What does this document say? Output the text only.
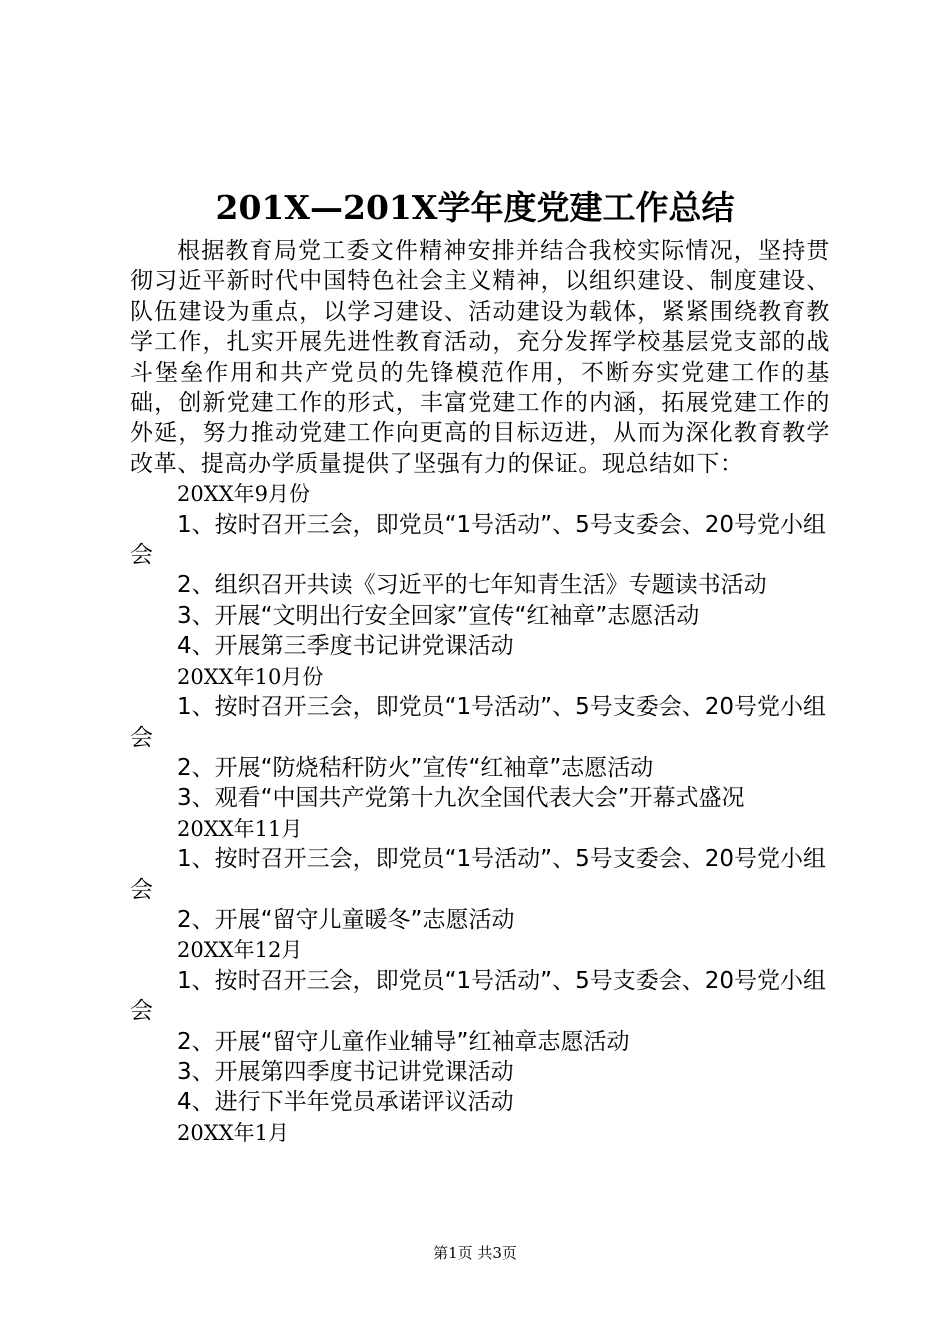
201X—201X学年度党建工作总结

根据教育局党工委文件精神安排并结合我校实际情况，坚持贯彻习近平新时代中国特色社会主义精神，以组织建设、制度建设、队伍建设为重点，以学习建设、活动建设为载体，紧紧围绕教育教学工作，扎实开展先进性教育活动，充分发挥学校基层党支部的战斗堡垒作用和共产党员的先锋模范作用，不断夯实党建工作的基础，创新党建工作的形式，丰富党建工作的内涵，拓展党建工作的外延，努力推动党建工作向更高的目标迈进，从而为深化教育教学改革、提高办学质量提供了坚强有力的保证。现总结如下：

20XX年9月份

1、按时召开三会，即党员“1号活动”、5号支委会、20号党小组会

2、组织召开共读《习近平的七年知青生活》专题读书活动

3、开展“文明出行安全回家”宣传“红袖章”志愿活动

4、开展第三季度书记讲党课活动

20XX年10月份

1、按时召开三会，即党员“1号活动”、5号支委会、20号党小组会

2、开展“防烧秸秆防火”宣传“红袖章”志愿活动

3、观看“中国共产党第十九次全国代表大会”开幕式盛况

20XX年11月

1、按时召开三会，即党员“1号活动”、5号支委会、20号党小组会

2、开展“留守儿童暖冬”志愿活动

20XX年12月

1、按时召开三会，即党员“1号活动”、5号支委会、20号党小组会

2、开展“留守儿童作业辅导”红袖章志愿活动

3、开展第四季度书记讲党课活动

4、进行下半年党员承诺评议活动

20XX年1月

第1页 共3页
